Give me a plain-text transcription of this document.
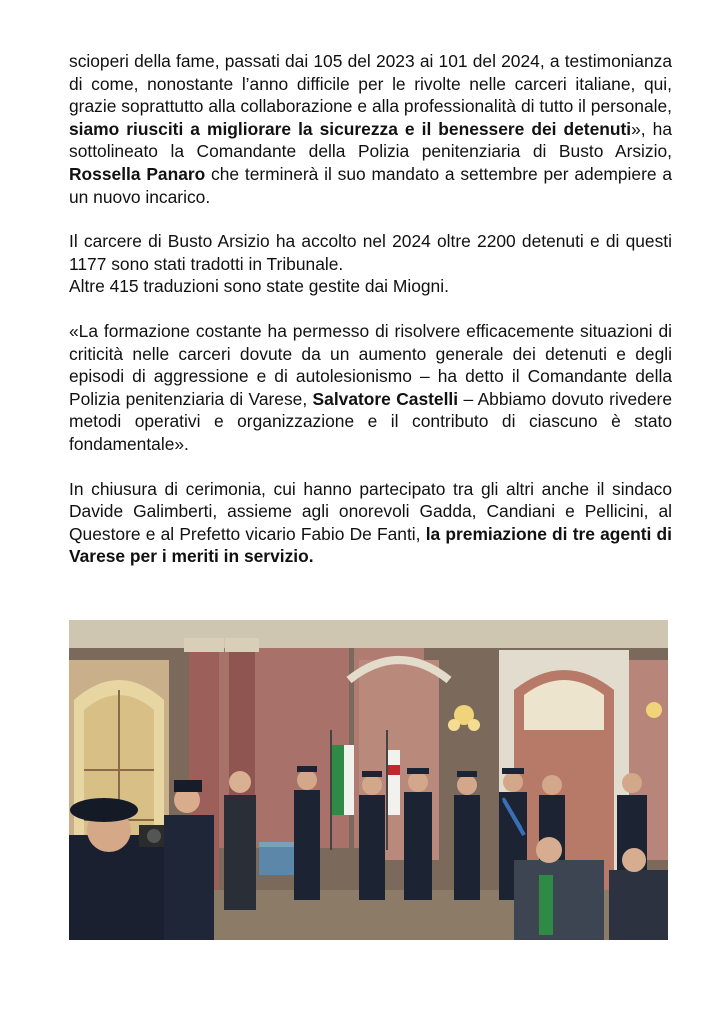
scioperi della fame, passati dai 105 del 2023 ai 101 del 2024, a testimonianza di come, nonostante l’anno difficile per le rivolte nelle carceri italiane, qui, grazie soprattutto alla collaborazione e alla professionalità di tutto il personale, siamo riusciti a migliorare la sicurezza e il benessere dei detenuti», ha sottolineato la Comandante della Polizia penitenziaria di Busto Arsizio, Rossella Panaro che terminerà il suo mandato a settembre per adempiere a un nuovo incarico.

Il carcere di Busto Arsizio ha accolto nel 2024 oltre 2200 detenuti e di questi 1177 sono stati tradotti in Tribunale.

Altre 415 traduzioni sono state gestite dai Miogni.

«La formazione costante ha permesso di risolvere efficacemente situazioni di criticità nelle carceri dovute da un aumento generale dei detenuti e degli episodi di aggressione e di autolesionismo – ha detto il Comandante della Polizia penitenziaria di Varese, Salvatore Castelli – Abbiamo dovuto rivedere metodi operativi e organizzazione e il contributo di ciascuno è stato fondamentale».

In chiusura di cerimonia, cui hanno partecipato tra gli altri anche il sindaco Davide Galimberti, assieme agli onorevoli Gadda, Candiani e Pellicini, al Questore e al Prefetto vicario Fabio De Fanti, la premiazione di tre agenti di Varese per i meriti in servizio.
